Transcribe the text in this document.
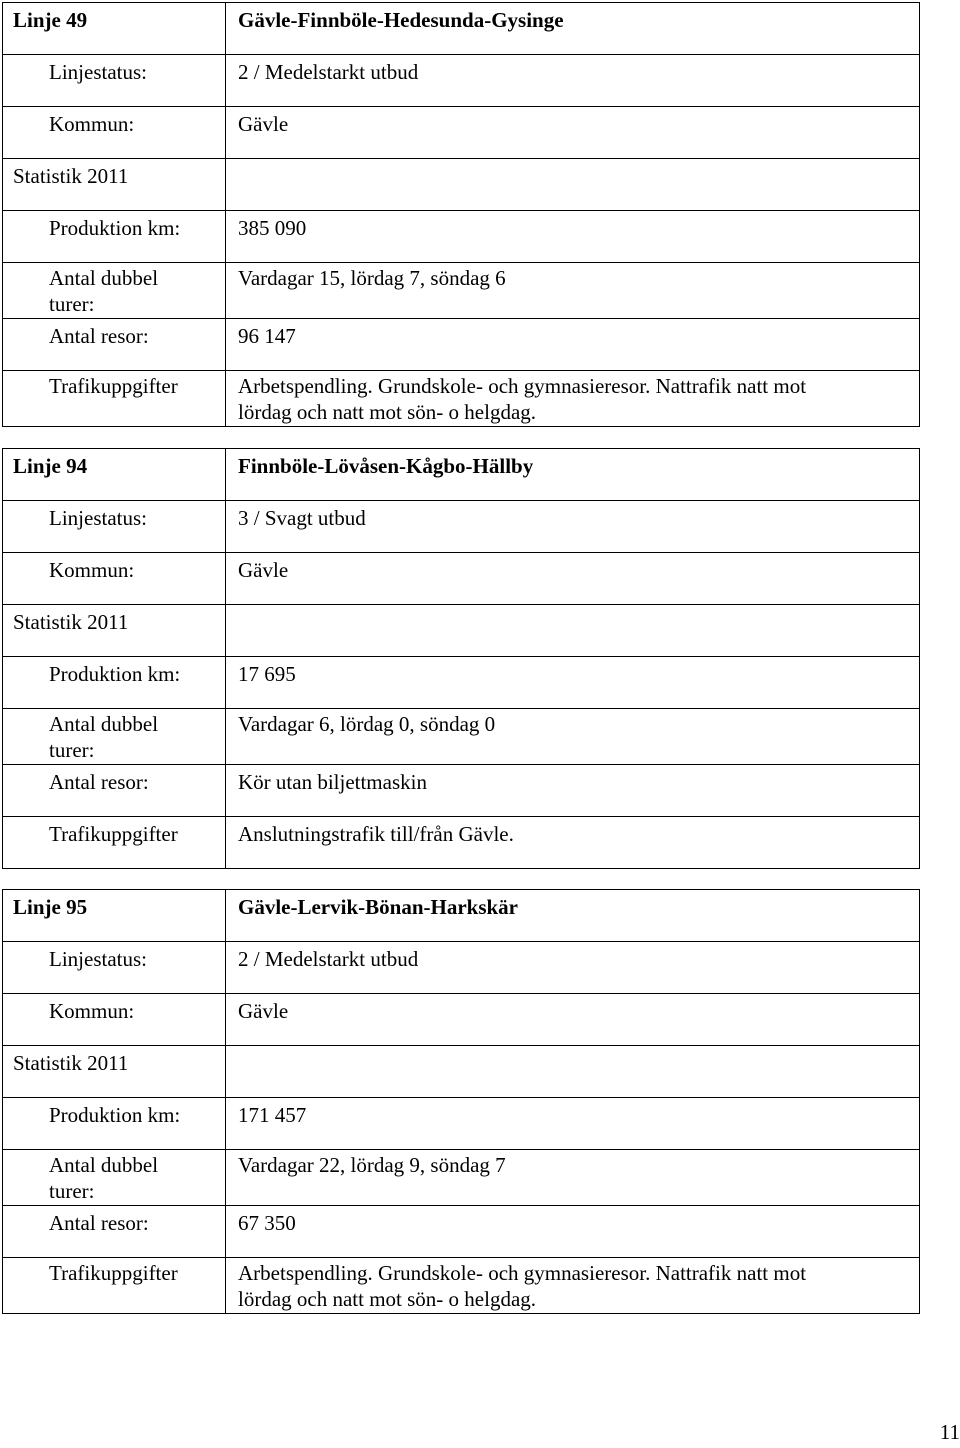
Linje 49	Gävle-Finnböle-Hedesunda-Gysinge

Linjestatus:	2 / Medelstarkt utbud

Kommun:	Gävle

Statistik 2011	

Produktion km:	385 090

Antal dubbel
turer:	Vardagar 15, lördag 7, söndag 6

Antal resor:	96 147

Trafikuppgifter	Arbetspendling. Grundskole- och gymnasieresor. Nattrafik natt mot
lördag och natt mot sön- o helgdag.
Linje 94	Finnböle-Lövåsen-Kågbo-Hällby

Linjestatus:	3 / Svagt utbud

Kommun:	Gävle

Statistik 2011	

Produktion km:	17 695

Antal dubbel
turer:	Vardagar 6, lördag 0, söndag 0

Antal resor:	Kör utan biljettmaskin

Trafikuppgifter	Anslutningstrafik till/från Gävle.
Linje 95	Gävle-Lervik-Bönan-Harkskär

Linjestatus:	2 / Medelstarkt utbud

Kommun:	Gävle

Statistik 2011	

Produktion km:	171 457

Antal dubbel
turer:	Vardagar 22, lördag 9, söndag 7

Antal resor:	67 350

Trafikuppgifter	Arbetspendling. Grundskole- och gymnasieresor. Nattrafik natt mot
lördag och natt mot sön- o helgdag.
11
